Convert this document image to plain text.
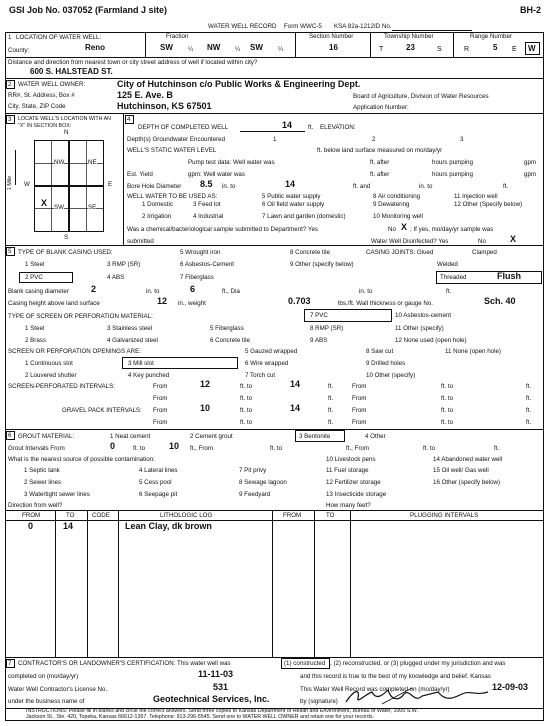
GSI Job No. 037052 (Farmland J site)	BH-2
WATER WELL RECORD Form WWC-5 KSA 82a-1212 ID No.
1 LOCATION OF WATER WELL:	Fraction	Section Number	Township Number	Range Number
County:	Reno	SW ¼ NW ¼ SW ¼	16	T	23	S	R	5 E W
Distance and direction from nearest town or city street address of well if located within city?
600 S. HALSTEAD ST.
2 WATER WELL OWNER:
RR#, St. Address, Box #
City, State, ZIP Code
City of Hutchinson c/o Public Works & Engineering Dept.
125 E. Ave. B
Hutchinson, KS 67501
Board of Agriculture, Division of Water Resources
Application Number:
3 LOCATE WELL'S LOCATION WITH AN "X" IN SECTION BOX:
N
S
E
W
NW	NE
SW	SE
X
1 Mile
4
DEPTH OF COMPLETED WELL	14	ft. ELEVATION:
Depth(s) Groundwater Encountered	1	2	3
WELL'S STATIC WATER LEVEL	ft. below land surface measured on mo/day/yr
Pump test data: Well water was	ft. after	hours pumping	gpm
Est. Yield	gpm: Well water was	ft. after	hours pumping	gpm
Bore Hole Diameter 8.5 in. to	14	ft. and	in. to	ft.
WELL WATER TO BE USED AS:
1 Domestic
2 Irrigation
3 Feed lot
4 Industrial
5 Public water supply
6 Oil field water supply
7 Lawn and garden (domestic)
8 Air conditioning
9 Dewatering
10 Monitoring well
11 Injection well
12 Other (Specify below)
Was a chemical/bacteriological sample submitted to Department? Yes	No X ; If yes, mo/day/yr sample was
submitted	Water Well Disinfected? Yes	No	X
5 TYPE OF BLANK CASING USED:
1 Steel
2 PVC
3 RMP (SR)
4 ABS
5 Wrought iron
6 Asbestos-Cement
7 Fiberglass
8 Concrete tile
9 Other (specify below)
CASING JOINTS: Glued	Clamped
Welded
Threaded	Flush
Blank casing diameter 2	in. to	6	ft., Dia	in. to	ft.
Casing height above land surface	12 in., weight	0.703	lbs./ft. Wall thickness or gauge No.	Sch. 40
TYPE OF SCREEN OR PERFORATION MATERIAL:
1 Steel
2 Brass
3 Stainless steel
4 Galvanized steel
5 Fiberglass
6 Concrete tile
7 PVC
8 RMP (SR)
9 ABS
10 Asbestos-cement
11 Other (specify)
12 None used (open hole)
SCREEN OR PERFORATION OPENINGS ARE:
1 Continuous slot
2 Louvered shutter
3 Mill slot
4 Key punched
5 Gauzed wrapped
6 Wire wrapped
7 Torch cut
8 Saw cut
9 Drilled holes
10 Other (specify)
11 None (open hole)
SCREEN-PERFORATED INTERVALS:	From	12	ft. to	14	ft.	From	ft. to	ft.
From	ft. to	ft.	From	ft. to	ft.
GRAVEL PACK INTERVALS: From	10	ft. to	14	ft.	From	ft. to	ft.
From	ft. to	ft.	From	ft. to	ft.
6 GROUT MATERIAL:	1 Neat cement	2 Cement grout	3 Bentonite	4 Other
Grout Intervals From	0	ft. to	10 ft., From	ft. to	ft., From	ft. to	ft.
What is the nearest source of possible contamination:
1 Septic tank
2 Sewer lines
3 Watertight sewer lines
4 Lateral lines
5 Cess pool
6 Seepage pit
7 Pit privy
8 Sewage lagoon
9 Feedyard
10 Livestock pens
11 Fuel storage
12 Fertilizer storage
13 Insecticide storage
14 Abandoned water well
15 Oil well/ Gas well
16 Other (specify below)
Direction from well?	How many feet?
FROM	TO	CODE	LITHOLOGIC LOG	FROM	TO	PLUGGING INTERVALS
0	14	Lean Clay, dk brown
7 CONTRACTOR'S OR LANDOWNER'S CERTIFICATION: This water well was	(1) constructed , (2) reconstructed, or (3) plugged under my jurisdiction and was
completed on (mo/day/yr)	11-11-03	and this record is true to the best of my knowledge and belief. Kansas
Water Well Contractor's License No.	531	This Water Well Record was completed on (mo/day/yr)	12-09-03
under the business name of	Geotechnical Services, Inc.	by (signature)
INSTRUCTIONS: Please fill in blanks and circle the correct answers. Send three copies to Kansas Department of Health and Environment, Bureau of Water, 1000 S.W.
Jackson St., Ste. 420, Topeka, Kansas 66612-1367. Telephone: 913-296-5545. Send one to WATER WELL OWNER and retain one for your records.
